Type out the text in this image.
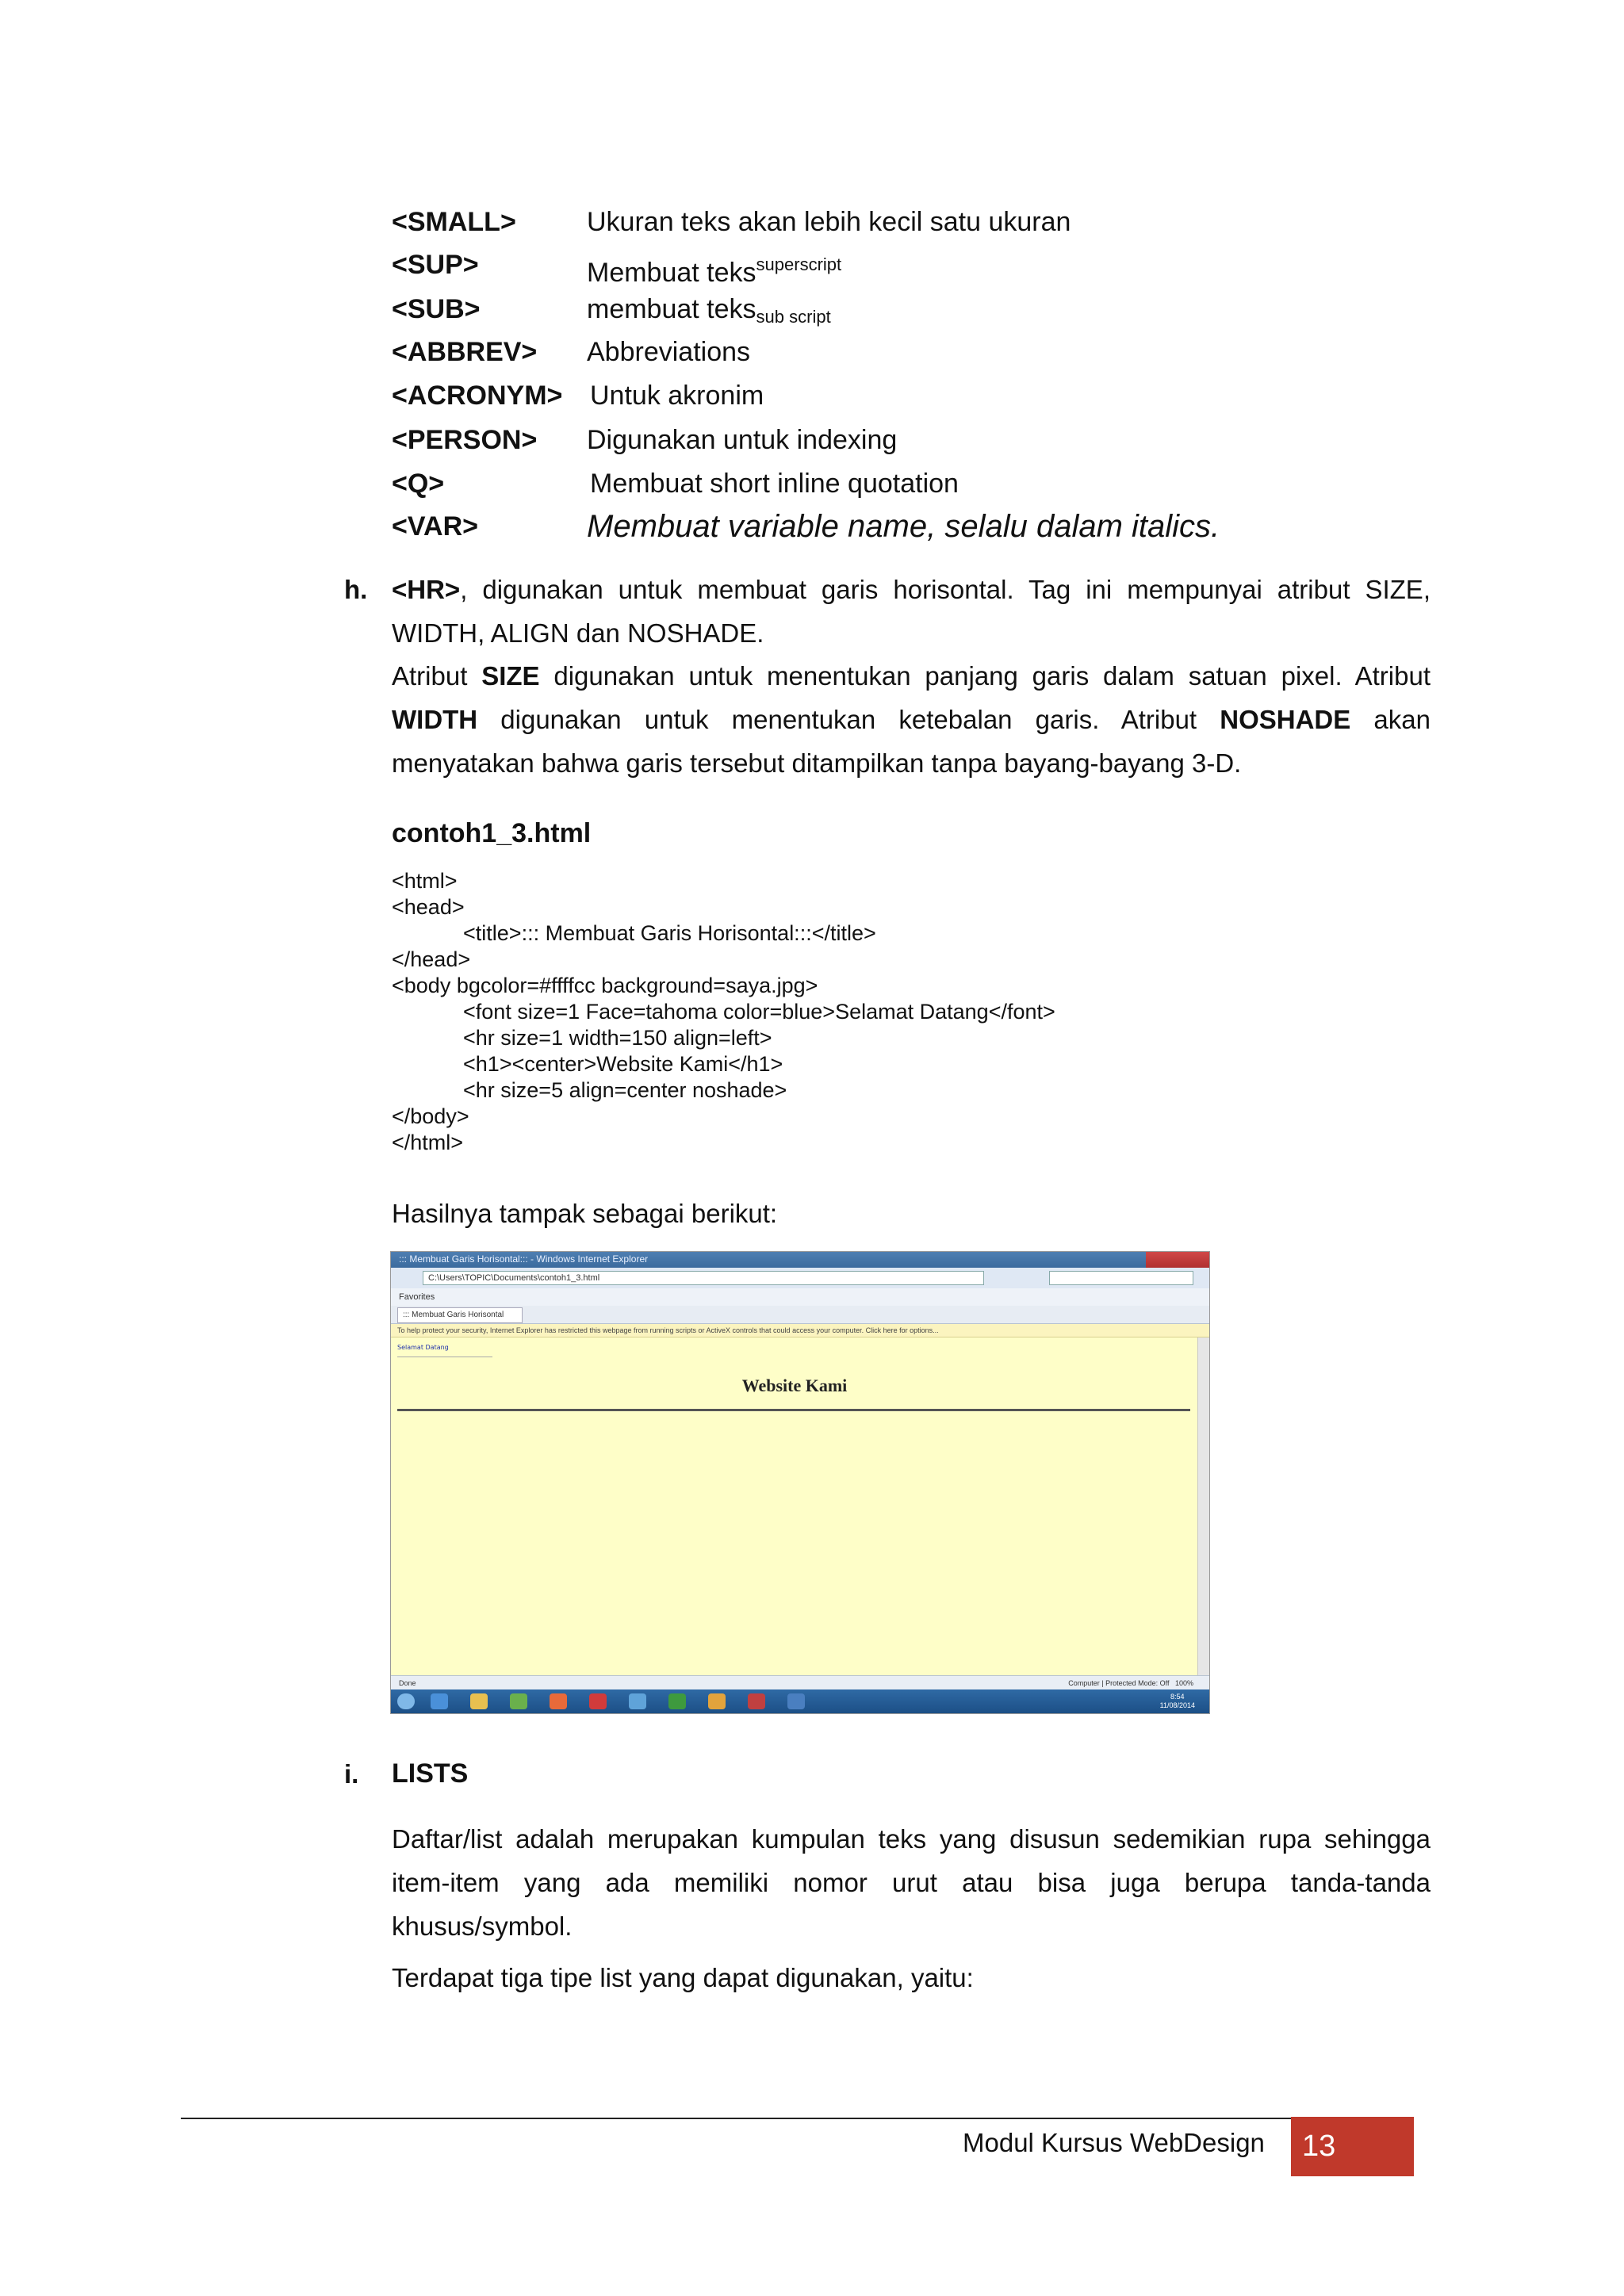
<SMALL>	Ukuran teks akan lebih kecil satu ukuran
<SUP>	Membuat teks$^{superscript}$
<SUB>	membuat teks$_{sub script}$
<ABBREV> Abbreviations
<ACRONYM> Untuk akronim
<PERSON> Digunakan untuk indexing
<Q>	Membuat short inline quotation
<VAR>	Membuat variable name, selalu dalam italics.
h. <HR>, digunakan untuk membuat garis horisontal. Tag ini mempunyai atribut SIZE, WIDTH, ALIGN dan NOSHADE.
Atribut SIZE digunakan untuk menentukan panjang garis dalam satuan pixel. Atribut WIDTH digunakan untuk menentukan ketebalan garis. Atribut NOSHADE akan menyatakan bahwa garis tersebut ditampilkan tanpa bayang-bayang 3-D.
contoh1_3.html
<html>
<head>
<title>::: Membuat Garis Horisontal:::</title>
</head>
<body bgcolor=#ffffcc background=saya.jpg>
<font size=1 Face=tahoma color=blue>Selamat Datang</font>
<hr size=1 width=150 align=left>
<h1><center>Website Kami</h1>
<hr size=5 align=center noshade>
</body>
</html>
Hasilnya tampak sebagai berikut:
::: Membuat Garis Horisontal::: - Windows Internet Explorer
C:\Users\TOPIC\Documents\contoh1_3.html
Favorites
::: Membuat Garis Horisontal
To help protect your security, Internet Explorer has restricted this webpage from running scripts or ActiveX controls that could access your computer. Click here for options...
Selamat Datang
Website Kami
Done	Computer | Protected Mode: Off 100%
8:54
11/08/2014
i. LISTS
Daftar/list adalah merupakan kumpulan teks yang disusun sedemikian rupa sehingga item-item yang ada memiliki nomor urut atau bisa juga berupa tanda-tanda khusus/symbol.
Terdapat tiga tipe list yang dapat digunakan, yaitu:
Modul Kursus WebDesign 13
